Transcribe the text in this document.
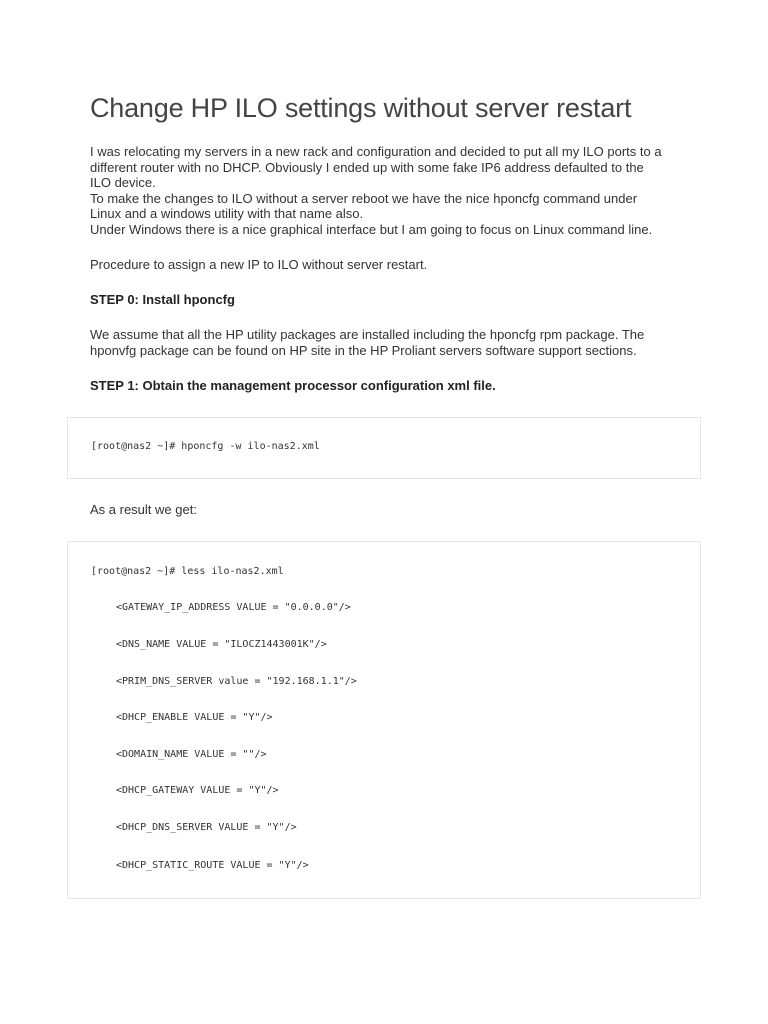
Change HP ILO settings without server restart
I was relocating my servers in a new rack and configuration and decided to put all my ILO ports to a
different router with no DHCP. Obviously I ended up with some fake IP6 address defaulted to the
ILO device.
To make the changes to ILO without a server reboot we have the nice hponcfg command under
Linux and a windows utility with that name also.
Under Windows there is a nice graphical interface but I am going to focus on Linux command line.

Procedure to assign a new IP to ILO without server restart.

STEP 0: Install hponcfg

We assume that all the HP utility packages are installed including the hponcfg rpm package. The
hponvfg package can be found on HP site in the HP Proliant servers software support sections.

STEP 1: Obtain the management processor configuration xml file.

[root@nas2 ~]# hponcfg -w ilo-nas2.xml

As a result we get:

[root@nas2 ~]# less ilo-nas2.xml
<GATEWAY_IP_ADDRESS VALUE = "0.0.0.0"/>
<DNS_NAME VALUE = "ILOCZ1443001K"/>
<PRIM_DNS_SERVER value = "192.168.1.1"/>
<DHCP_ENABLE VALUE = "Y"/>
<DOMAIN_NAME VALUE = ""/>
<DHCP_GATEWAY VALUE = "Y"/>
<DHCP_DNS_SERVER VALUE = "Y"/>
<DHCP_STATIC_ROUTE VALUE = "Y"/>
